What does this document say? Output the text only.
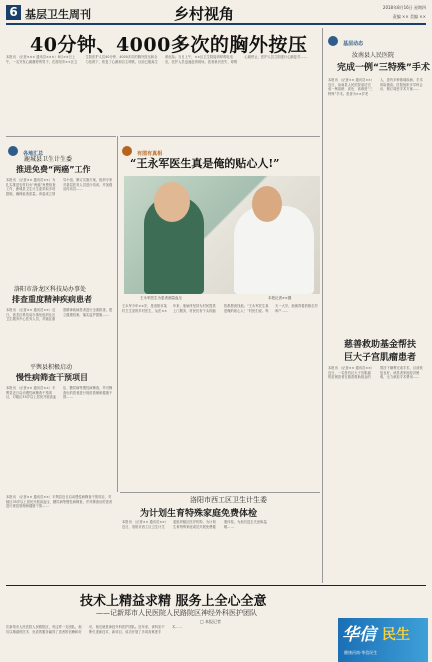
6 基层卫生周刊	乡村视角	2018年8月16日 星期四
责编 ×× 美编 ××
40分钟、4000多次的胸外按压
本报讯 （记者××× 通讯员×××）8月××日上午，一名突发心跳骤停的男子，在洛阳市××区卫生院医护人员40分钟、4000多次的胸外按压和全力抢救下，恢复了心跳和自主呼吸，目前已脱离生命危险。当日上午，××区卫生院接到呼救电话后，医护人员迅速赶到现场。患者意识丧失、呼吸心跳停止，医护人员立即进行心肺复苏……
基层动态
汝南县人民医院
完成一例“三特殊”手术
本报讯 （记者×× 通讯员××）近日，汝南县人民医院成功完成一例高龄、高危、高难度“三特殊”手术。患者为××岁老人，患有多种基础疾病，手术风险极高。医院组织多学科会诊，制订周密手术方案……
慈善救助基金帮扶
巨大子宫肌瘤患者
本报讯 （记者×× 通讯员××）近日，一名患有巨大子宫肌瘤的贫困患者在慈善救助基金的帮扶下顺利完成手术，目前恢复良好。该患者家庭经济困难，无力承担手术费用……
各地汇总
鹿城县卫生计生委
推进免费“两癌”工作
本报讯 （记者×× 通讯员××）为扎实推进农村妇女“两癌”免费检查工作，鹿城县卫生计生委采取多项措施，确保检查质量。该委成立领导小组，制订实施方案，组织专家对基层医务人员进行培训，并加强宣传动员……
洛阳市洛龙区科技局办事处
排查重度精神疾病患者
本报讯 （记者×× 通讯员××）近日，洛龙区科技局办事处组织社区卫生服务中心医务人员，对辖区重度精神疾病患者进行全面排查，建立健康档案，落实监护措施……
平舆县积极启动
慢性病筛查干预项目
本报讯 （记者×× 通讯员××）平舆县近日启动慢性病筛查干预项目，对辖区35岁以上居民开展高血压、糖尿病等慢性病筛查，并对筛查出的患者进行规范管理和健康干预……
有图有真相
“王永军医生真是俺的贴心人!”
王永军医生为患者测量血压	本报记者××摄
王永军今年××岁，是洛阳市某村卫生室的乡村医生，从医××年来，他始终坚持为村民提供上门服务，村民们有个头疼脑热都愿意找他。“王永军医生真是俺的贴心人！”村民们说。每天一大早，他就背着药箱走村串户……
洛阳市西工区卫生计生委
为计划生育特殊家庭免费体检
本报讯 （记者×× 通讯员××）近日，洛阳市西工区卫生计生委组织辖区医疗机构，为计划生育特殊家庭成员开展免费健康体检，为他们送去关爱和温暖……
本报讯 （记者×× 通讯员××）平舆县近日启动慢性病筛查干预项目，对辖区35岁以上居民开展高血压、糖尿病等慢性病筛查，并对筛查出的患者进行规范管理和健康干预……
技术上精益求精 服务上全心全意
——记新郑市人民医院人民路院区神经外科医护团队
□ 本报记者
在新郑市人民医院人民路院区，有这样一支团队，他们以精湛的医术、优质的服务赢得了患者的信赖和好评，他们就是神经外科医护团队。近年来，该科室不断引进新技术、新项目，成功开展了多项高难度手术……	华信 民生
健康河南·华信民生
